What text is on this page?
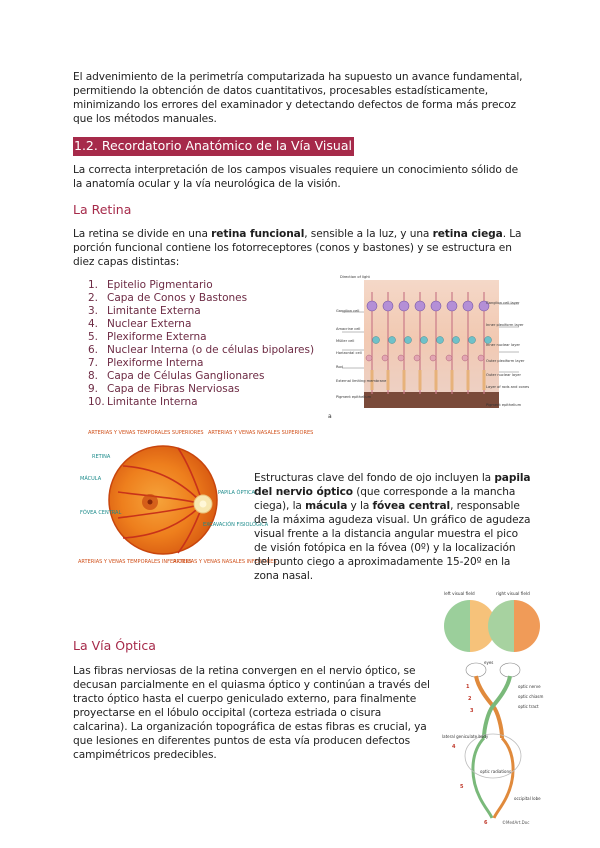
El advenimiento de la perimetría computarizada ha supuesto un avance fundamental, permitiendo la obtención de datos cuantitativos, procesables estadísticamente, minimizando los errores del examinador y detectando defectos de forma más precoz que los métodos manuales.
1.2. Recordatorio Anatómico de la Vía Visual
La correcta interpretación de los campos visuales requiere un conocimiento sólido de la anatomía ocular y la vía neurológica de la visión.
La Retina
La retina se divide en una retina funcional, sensible a la luz, y una retina ciega. La porción funcional contiene los fotorreceptores (conos y bastones) y se estructura en diez capas distintas:
1. Epitelio Pigmentario
2. Capa de Conos y Bastones
3. Limitante Externa
4. Nuclear Externa
5. Plexiforme Externa
6. Nuclear Interna (o de células bipolares)
7. Plexiforme Interna
8. Capa de Células Ganglionares
9. Capa de Fibras Nerviosas
10. Limitante Interna
Ganglion cell
Amacrine cell
Müller cell
Horizontal cell
Rod
External limiting membrane
Pigment epithelium
Ganglion cell layer
Inner plexiform layer
Inner nuclear layer
Outer plexiform layer
Outer nuclear layer
Layer of rods and cones
Pigment epithelium
Direction of light
a
ARTERIAS Y VENAS TEMPORALES SUPERIORES ARTERIAS Y VENAS NASALES SUPERIORES
RETINA
MÁCULA
FÓVEA CENTRAL
PAPILA ÓPTICA
EXCAVACIÓN FISIOLÓGICA
ARTERIAS Y VENAS TEMPORALES INFERIORES
ARTERIAS Y VENAS NASALES INFERIORES
Estructuras clave del fondo de ojo incluyen la papila del nervio óptico (que corresponde a la mancha ciega), la mácula y la fóvea central, responsable de la máxima agudeza visual. Un gráfico de agudeza visual frente a la distancia angular muestra el pico de visión fotópica en la fóvea (0º) y la localización del punto ciego a aproximadamente 15-20º en la zona nasal.
left visual field	right visual field
eyes
optic nerve
optic chiasm
optic tract
lateral geniculate body
optic radiations
occipital lobe
1
2
3
4
5
6	©MedArt.Doc
La Vía Óptica
Las fibras nerviosas de la retina convergen en el nervio óptico, se decusan parcialmente en el quiasma óptico y continúan a través del tracto óptico hasta el cuerpo geniculado externo, para finalmente proyectarse en el lóbulo occipital (corteza estriada o cisura calcarina). La organización topográfica de estas fibras es crucial, ya que lesiones en diferentes puntos de esta vía producen defectos campimétricos predecibles.
